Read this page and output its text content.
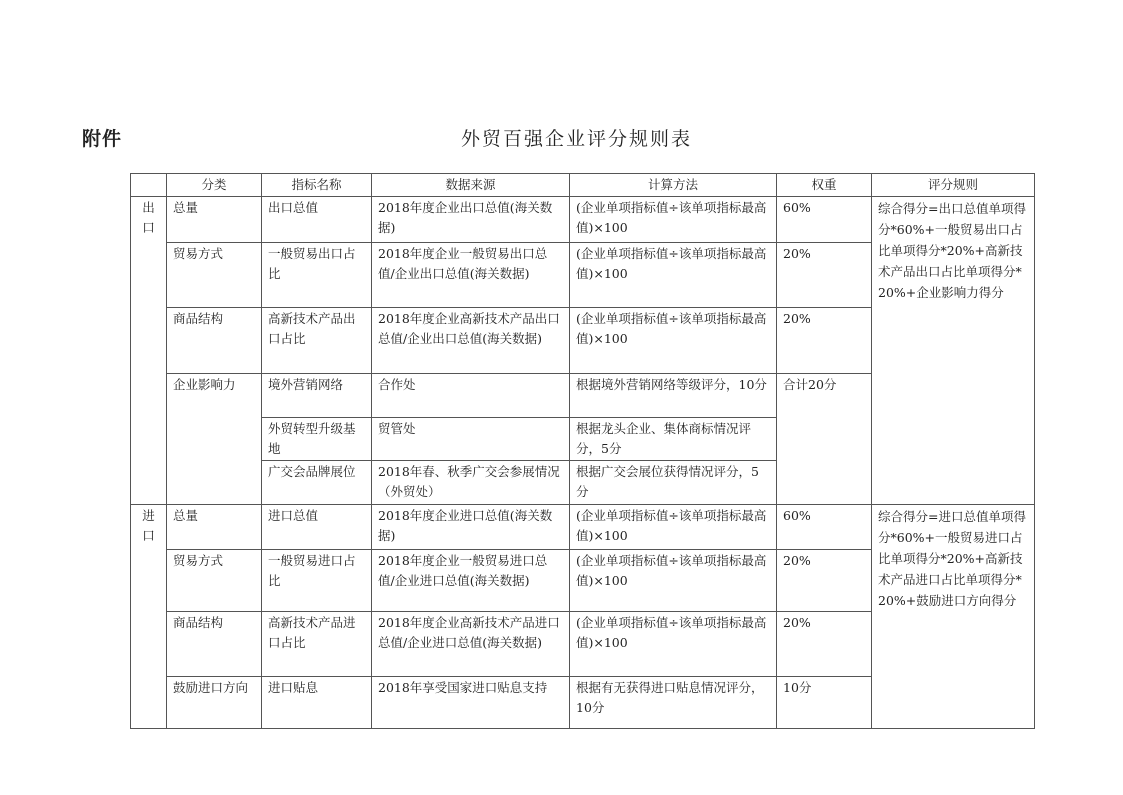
附件	外贸百强企业评分规则表
	分类	指标名称	数据来源	计算方法	权重	评分规则
出口	总量	出口总值	2018年度企业出口总值(海关数据)	(企业单项指标值÷该单项指标最高值)×100	60%	综合得分=出口总值单项得分*60%+一般贸易出口占比单项得分*20%+高新技术产品出口占比单项得分*20%+企业影响力得分
	贸易方式	一般贸易出口占比	2018年度企业一般贸易出口总值/企业出口总值(海关数据)	(企业单项指标值÷该单项指标最高值)×100	20%	
	商品结构	高新技术产品出口占比	2018年度企业高新技术产品出口总值/企业出口总值(海关数据)	(企业单项指标值÷该单项指标最高值)×100	20%	
	企业影响力	境外营销网络	合作处	根据境外营销网络等级评分，10分	合计20分	
		外贸转型升级基地	贸管处	根据龙头企业、集体商标情况评分，5分		
		广交会品牌展位	2018年春、秋季广交会参展情况（外贸处）	根据广交会展位获得情况评分，5分		
进口	总量	进口总值	2018年度企业进口总值(海关数据)	(企业单项指标值÷该单项指标最高值)×100	60%	综合得分=进口总值单项得分*60%+一般贸易进口占比单项得分*20%+高新技术产品进口占比单项得分*20%+鼓励进口方向得分
	贸易方式	一般贸易进口占比	2018年度企业一般贸易进口总值/企业进口总值(海关数据)	(企业单项指标值÷该单项指标最高值)×100	20%	
	商品结构	高新技术产品进口占比	2018年度企业高新技术产品进口总值/企业进口总值(海关数据)	(企业单项指标值÷该单项指标最高值)×100	20%	
	鼓励进口方向	进口贴息	2018年享受国家进口贴息支持	根据有无获得进口贴息情况评分，10分	10分	
